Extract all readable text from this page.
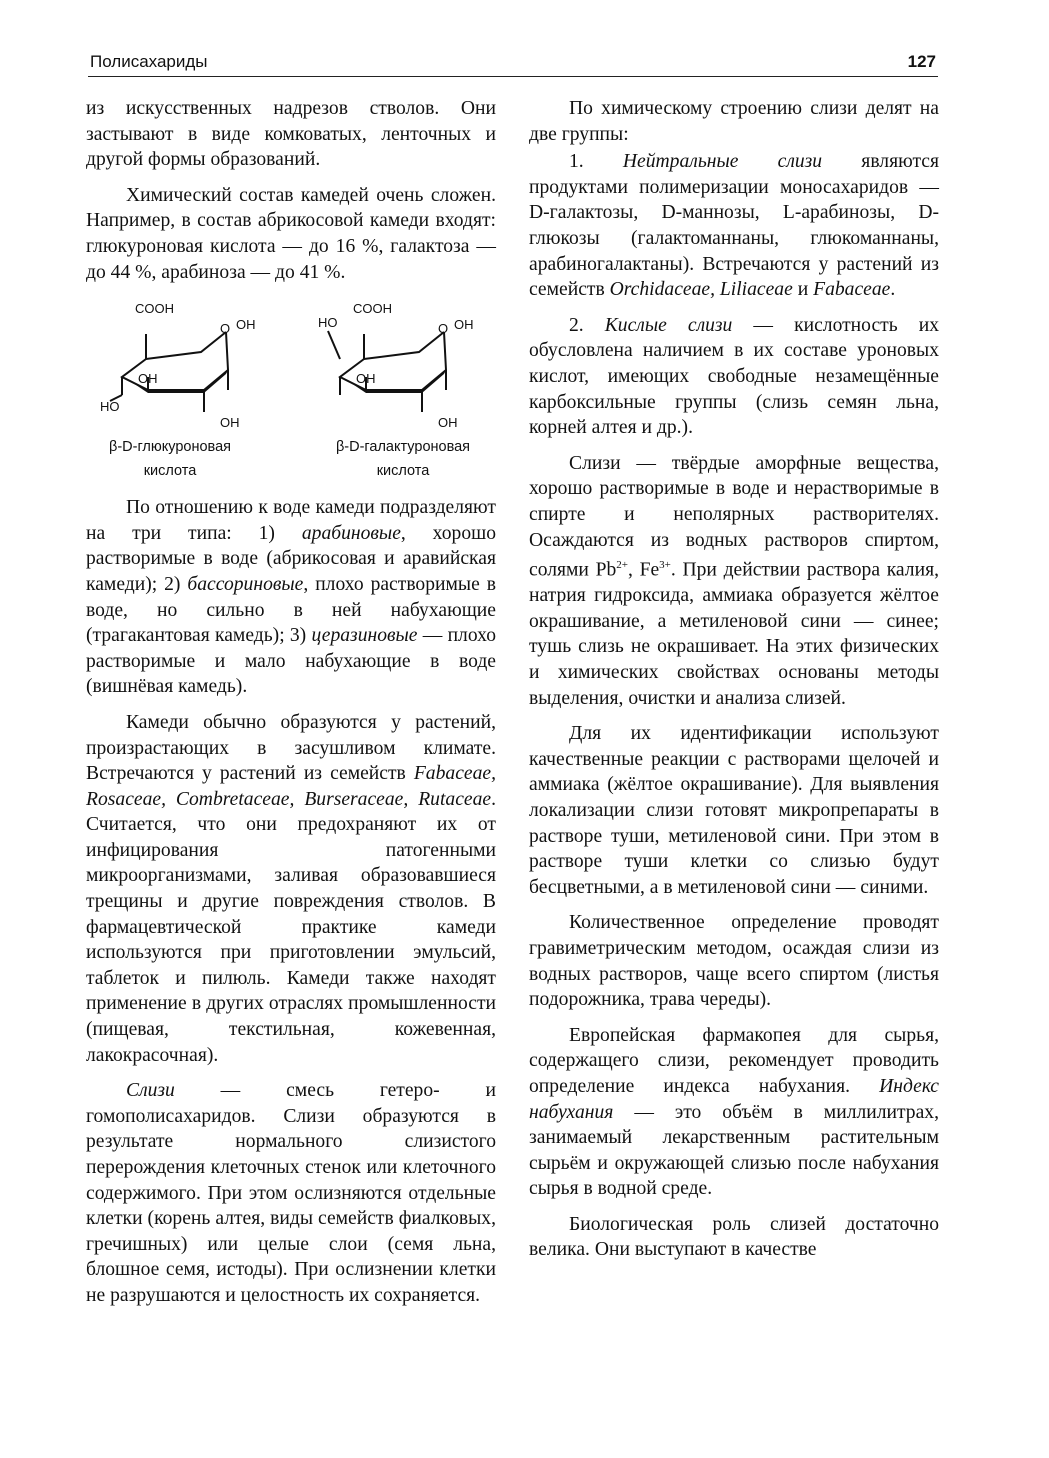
Полисахариды	127

из искусственных надрезов стволов. Они застывают в виде комковатых, ленточных и другой формы образований.

Химический состав камедей очень сложен. Например, в состав абрикосовой камеди входят: глюкуроновая кислота — до 16 %, галактоза — до 44 %, арабиноза — до 41 %.

COOH
O OH
OH
HO
OH
COOH
HO	O OH
OH
OH
β-D-глюкуроновая
кислота
β-D-галактуроновая
кислота

По отношению к воде камеди подразделяют на три типа: 1) арабиновые, хорошо растворимые в воде (абрикосовая и аравийская камеди); 2) бассориновые, плохо растворимые в воде, но сильно в ней набухающие (трагакантовая камедь); 3) церазиновые — плохо растворимые и мало набухающие в воде (вишнёвая камедь).

Камеди обычно образуются у растений, произрастающих в засушливом климате. Встречаются у растений из семейств Fabaceae, Rosaceae, Combretaceae, Burseraceae, Rutaceae. Считается, что они предохраняют их от инфицирования патогенными микроорганизмами, заливая образовавшиеся трещины и другие повреждения стволов. В фармацевтической практике камеди используются при приготовлении эмульсий, таблеток и пилюль. Камеди также находят применение в других отраслях промышленности (пищевая, текстильная, кожевенная, лакокрасочная).

Слизи — смесь гетеро- и гомополисахаридов. Слизи образуются в результате нормального слизистого перерождения клеточных стенок или клеточного содержимого. При этом ослизняются отдельные клетки (корень алтея, виды семейств фиалковых, гречишных) или целые слои (семя льна, блошное семя, истоды). При ослизнении клетки не разрушаются и целостность их сохраняется.

По химическому строению слизи делят на две группы:

1. Нейтральные слизи являются продуктами полимеризации моносахаридов — D-галактозы, D-маннозы, L-арабинозы, D-глюкозы (галактоманнаны, глюкоманнаны, арабиногалактаны). Встречаются у растений из семейств Orchidaceae, Liliaceae и Fabaceae.

2. Кислые слизи — кислотность их обусловлена наличием в их составе уроновых кислот, имеющих свободные незамещённые карбоксильные группы (слизь семян льна, корней алтея и др.).

Слизи — твёрдые аморфные вещества, хорошо растворимые в воде и нерастворимые в спирте и неполярных растворителях. Осаждаются из водных растворов спиртом, солями $Pb^{2+}$, $Fe^{3+}$. При действии раствора калия, натрия гидроксида, аммиака образуется жёлтое окрашивание, а метиленовой сини — синее; тушь слизь не окрашивает. На этих физических и химических свойствах основаны методы выделения, очистки и анализа слизей.

Для их идентификации используют качественные реакции с растворами щелочей и аммиака (жёлтое окрашивание). Для выявления локализации слизи готовят микропрепараты в растворе туши, метиленовой сини. При этом в растворе туши клетки со слизью будут бесцветными, а в метиленовой сини — синими.

Количественное определение проводят гравиметрическим методом, осаждая слизи из водных растворов, чаще всего спиртом (листья подорожника, трава череды).

Европейская фармакопея для сырья, содержащего слизи, рекомендует проводить определение индекса набухания. Индекс набухания — это объём в миллилитрах, занимаемый лекарственным растительным сырьём и окружающей слизью после набухания сырья в водной среде.

Биологическая роль слизей достаточно велика. Они выступают в качестве
